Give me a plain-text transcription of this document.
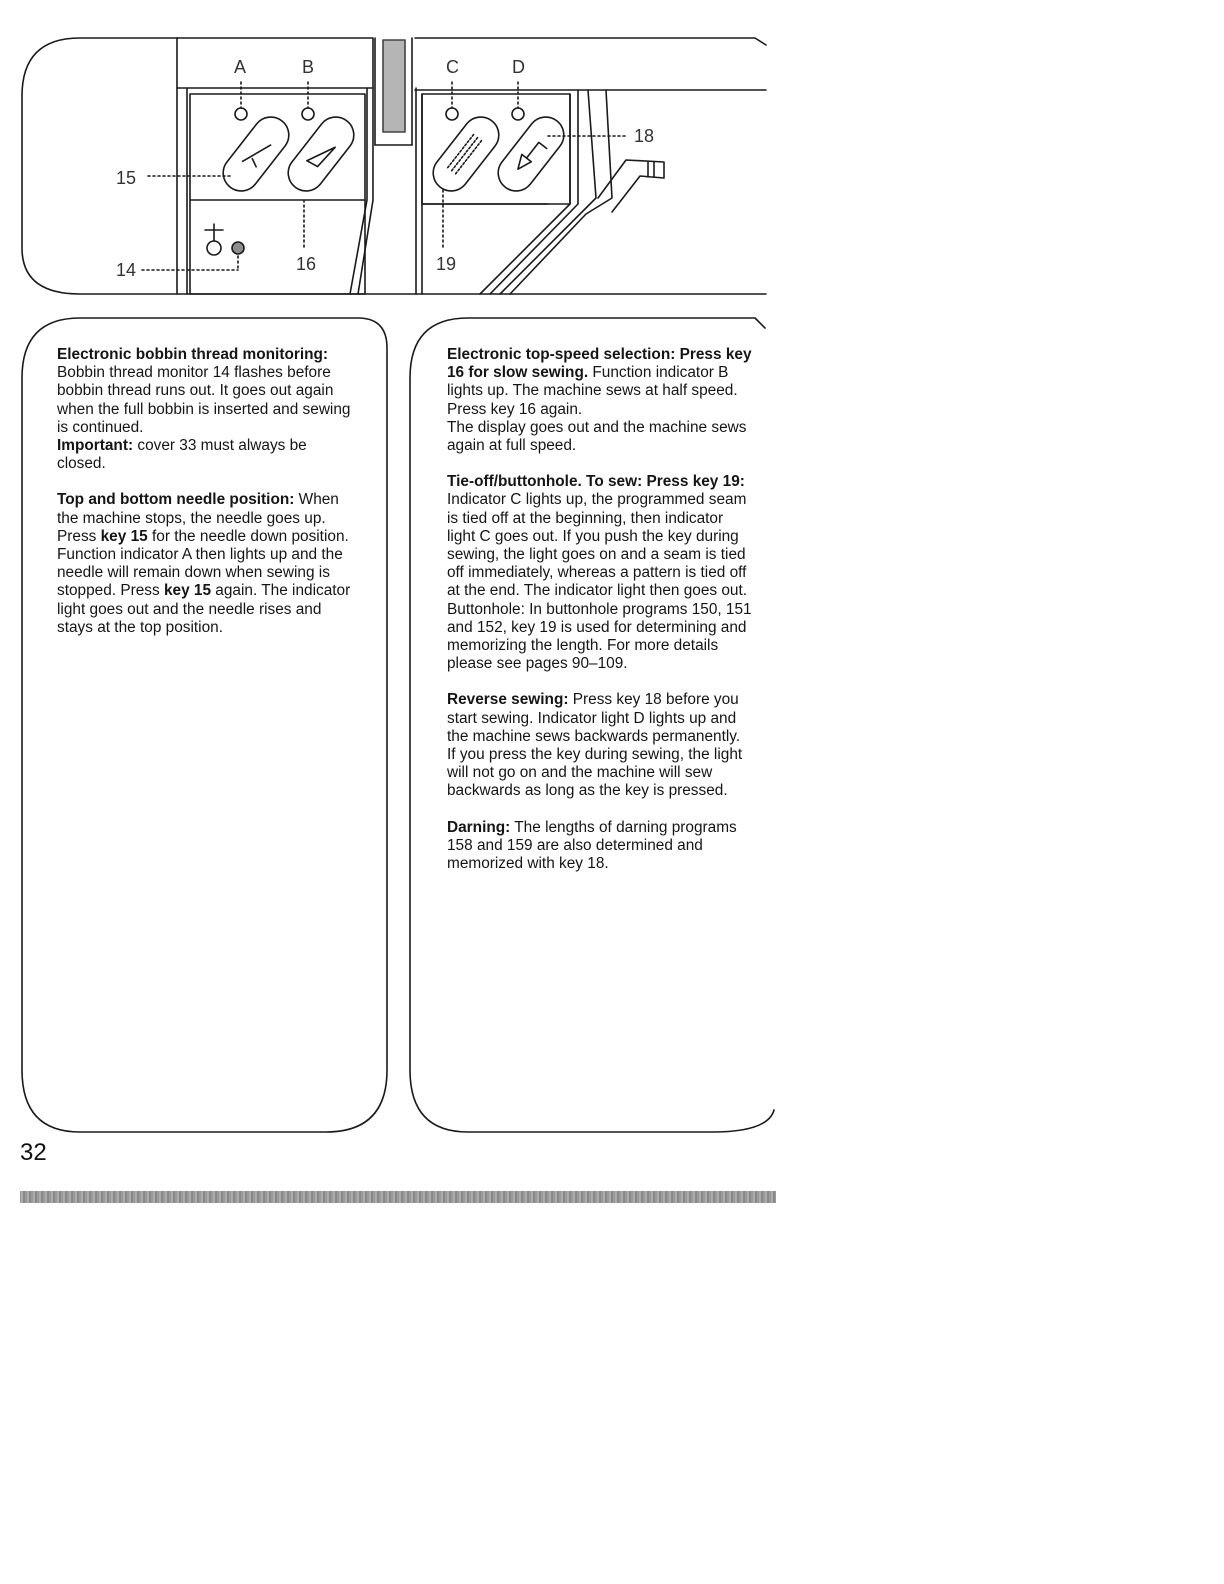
A	B	C	D
15
14	16	19
18

Electronic bobbin thread monitoring: Bobbin thread monitor 14 flashes before bobbin thread runs out. It goes out again when the full bobbin is inserted and sewing is continued.

Important: cover 33 must always be closed.

Top and bottom needle position: When the machine stops, the needle goes up. Press key 15 for the needle down position. Function indicator A then lights up and the needle will remain down when sewing is stopped. Press key 15 again. The indicator light goes out and the needle rises and stays at the top position.

Electronic top-speed selection: Press key 16 for slow sewing. Function indicator B lights up. The machine sews at half speed. Press key 16 again.

The display goes out and the machine sews again at full speed.

Tie-off/buttonhole. To sew: Press key 19: Indicator C lights up, the programmed seam is tied off at the beginning, then indicator light C goes out. If you push the key during sewing, the light goes on and a seam is tied off immediately, whereas a pattern is tied off at the end. The indicator light then goes out.

Buttonhole: In buttonhole programs 150, 151 and 152, key 19 is used for determining and memorizing the length. For more details please see pages 90–109.

Reverse sewing: Press key 18 before you start sewing. Indicator light D lights up and the machine sews backwards permanently. If you press the key during sewing, the light will not go on and the machine will sew backwards as long as the key is pressed.

Darning: The lengths of darning programs 158 and 159 are also determined and memorized with key 18.

32
